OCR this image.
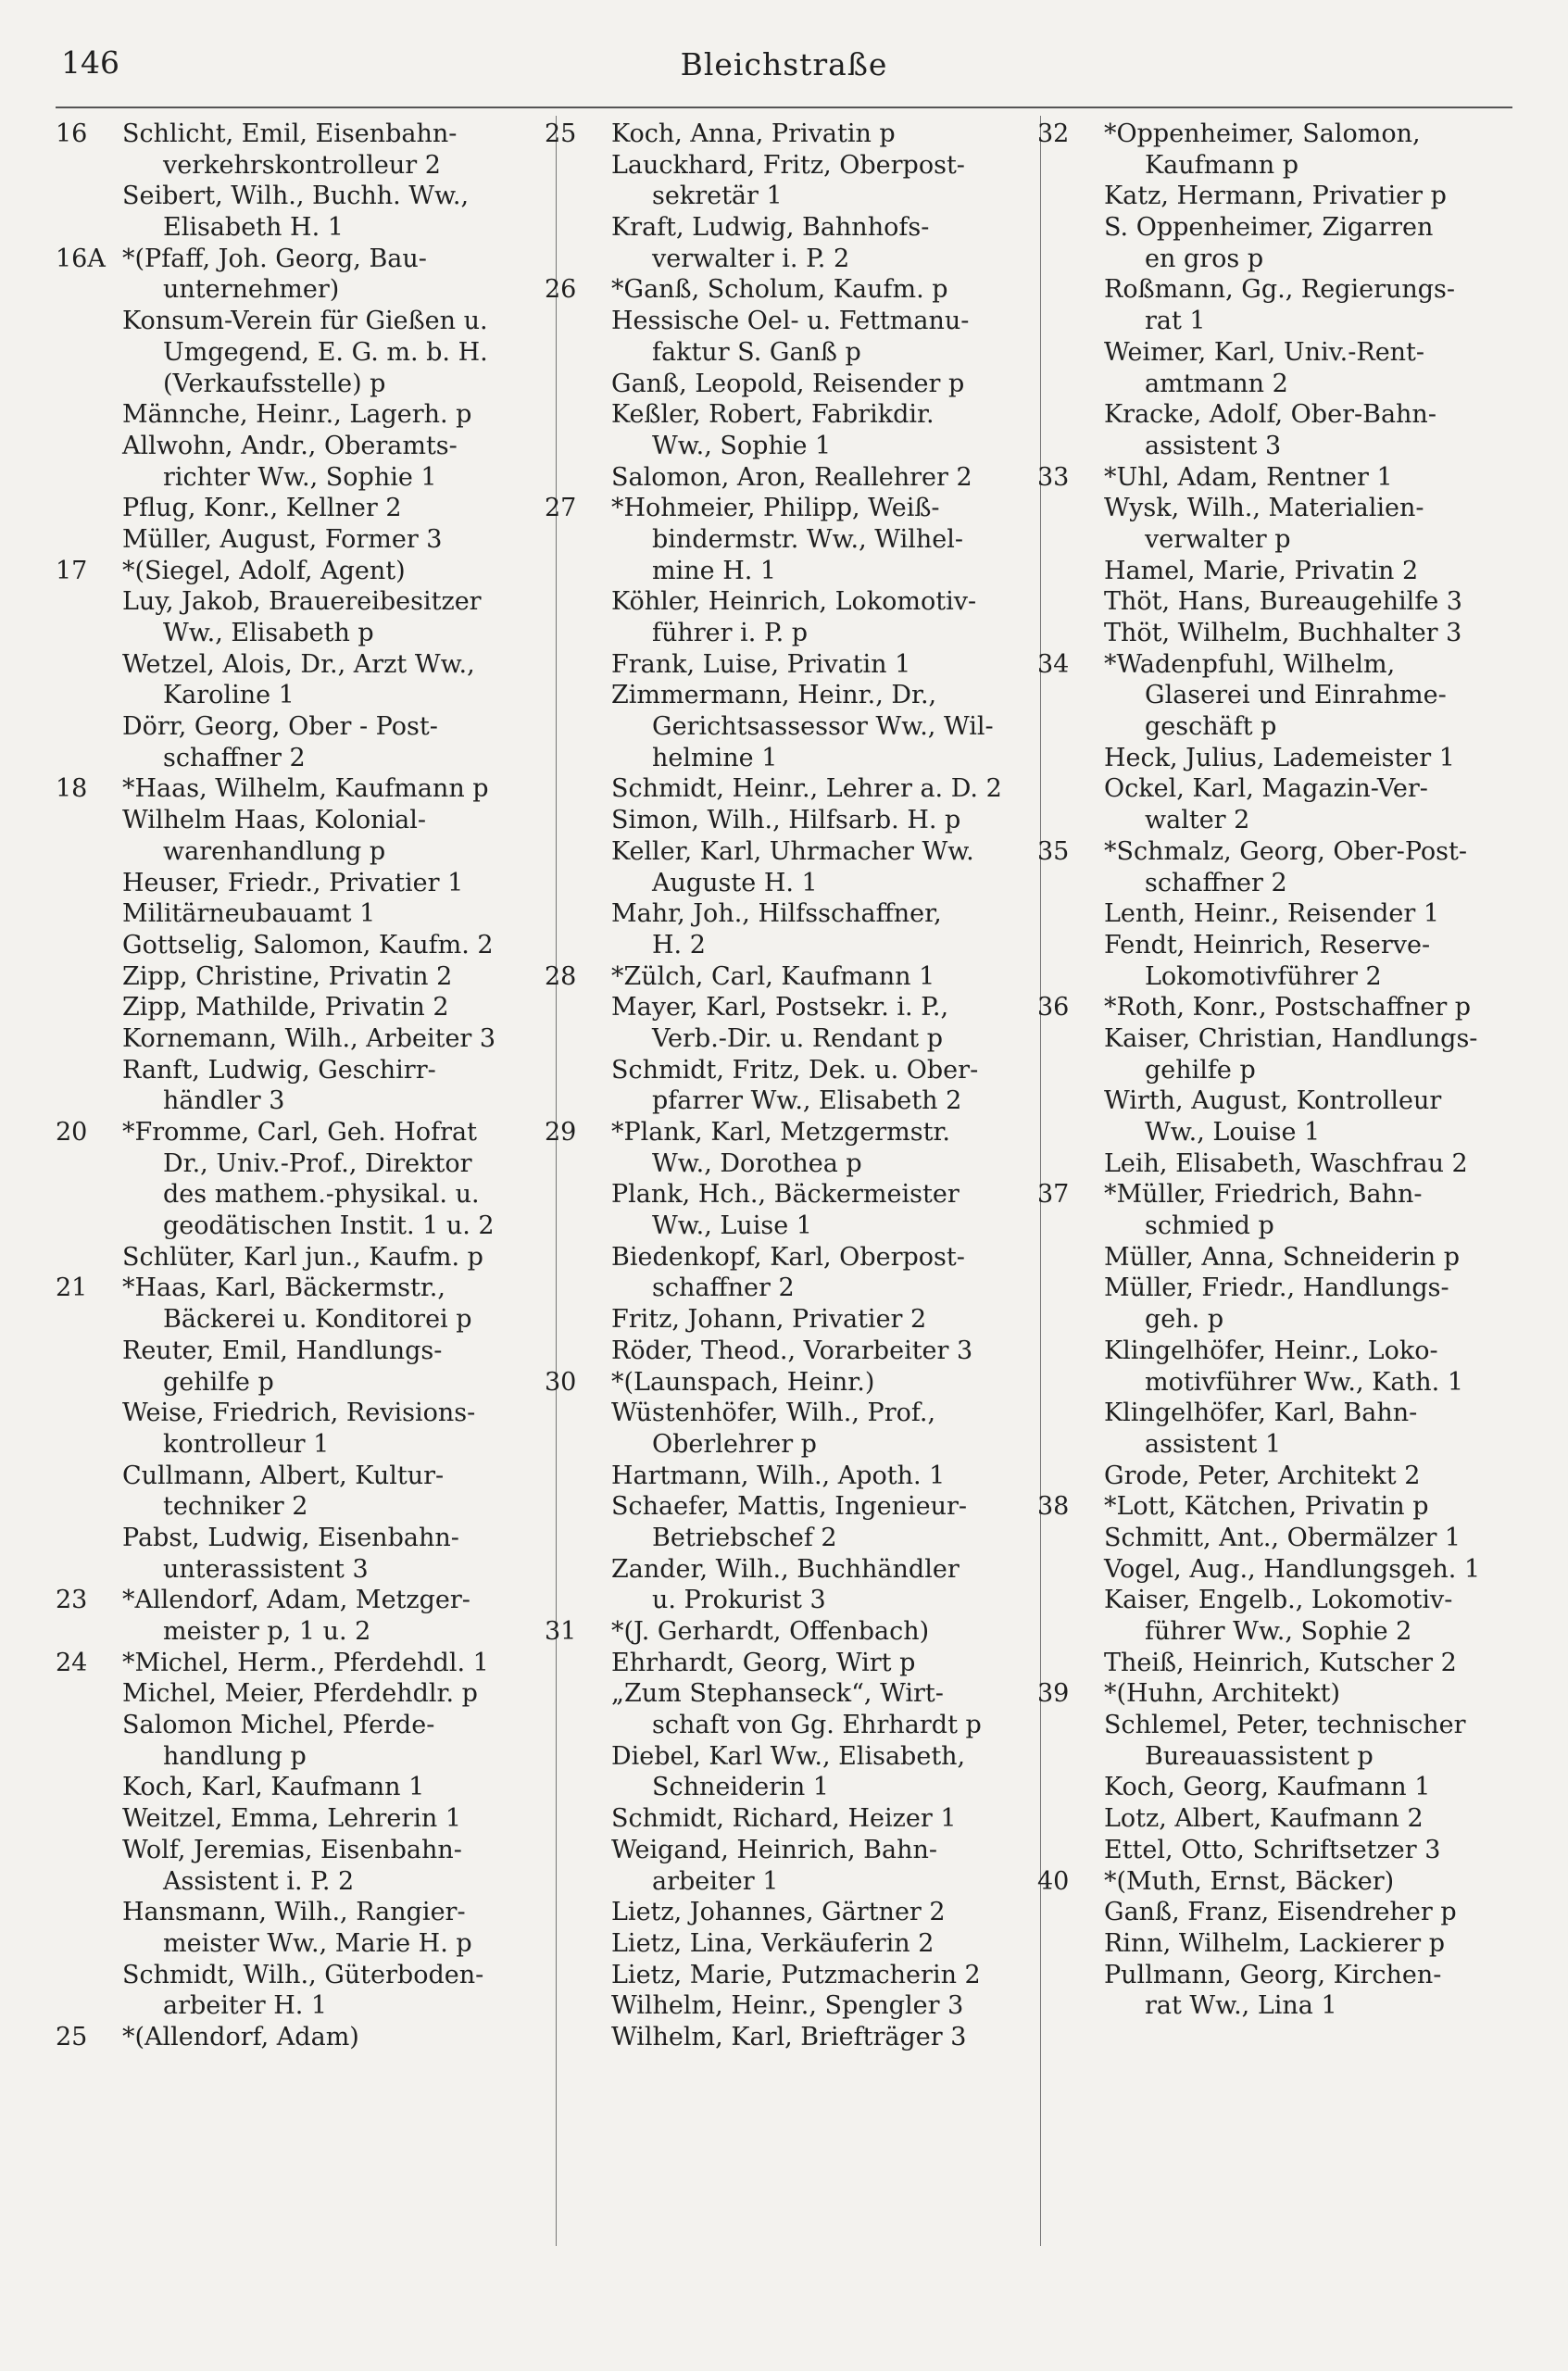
146	Bleichstraße
16	Schlicht, Emil, Eisenbahn-
verkehrskontrolleur 2
Seibert, Wilh., Buchh. Ww.,
Elisabeth H. 1
16A *(Pfaff, Joh. Georg, Bau-
unternehmer)
Konsum-Verein für Gießen u.
Umgegend, E. G. m. b. H.
(Verkaufsstelle) p
Männche, Heinr., Lagerh. p
Allwohn, Andr., Oberamts-
richter Ww., Sophie 1
Pflug, Konr., Kellner 2
Müller, August, Former 3
17	*(Siegel, Adolf, Agent)
Luy, Jakob, Brauereibesitzer
Ww., Elisabeth p
Wetzel, Alois, Dr., Arzt Ww.,
Karoline 1
Dörr, Georg, Ober - Post-
schaffner 2
18	*Haas, Wilhelm, Kaufmann p
Wilhelm Haas, Kolonial-
warenhandlung p
Heuser, Friedr., Privatier 1
Militärneubauamt 1
Gottselig, Salomon, Kaufm. 2
Zipp, Christine, Privatin 2
Zipp, Mathilde, Privatin 2
Kornemann, Wilh., Arbeiter 3
Ranft, Ludwig, Geschirr-
händler 3
20	*Fromme, Carl, Geh. Hofrat
Dr., Univ.-Prof., Direktor
des mathem.-physikal. u.
geodätischen Instit. 1 u. 2
Schlüter, Karl jun., Kaufm. p
21	*Haas, Karl, Bäckermstr.,
Bäckerei u. Konditorei p
Reuter, Emil, Handlungs-
gehilfe p
Weise, Friedrich, Revisions-
kontrolleur 1
Cullmann, Albert, Kultur-
techniker 2
Pabst, Ludwig, Eisenbahn-
unterassistent 3
23	*Allendorf, Adam, Metzger-
meister p, 1 u. 2
24	*Michel, Herm., Pferdehdl. 1
Michel, Meier, Pferdehdlr. p
Salomon Michel, Pferde-
handlung p
Koch, Karl, Kaufmann 1
Weitzel, Emma, Lehrerin 1
Wolf, Jeremias, Eisenbahn-
Assistent i. P. 2
Hansmann, Wilh., Rangier-
meister Ww., Marie H. p
Schmidt, Wilh., Güterboden-
arbeiter H. 1
25	*(Allendorf, Adam)
25	Koch, Anna, Privatin p
Lauckhard, Fritz, Oberpost-
sekretär 1
Kraft, Ludwig, Bahnhofs-
verwalter i. P. 2
26	*Ganß, Scholum, Kaufm. p
Hessische Oel- u. Fettmanu-
faktur S. Ganß p
Ganß, Leopold, Reisender p
Keßler, Robert, Fabrikdir.
Ww., Sophie 1
Salomon, Aron, Reallehrer 2
27	*Hohmeier, Philipp, Weiß-
bindermstr. Ww., Wilhel-
mine H. 1
Köhler, Heinrich, Lokomotiv-
führer i. P. p
Frank, Luise, Privatin 1
Zimmermann, Heinr., Dr.,
Gerichtsassessor Ww., Wil-
helmine 1
Schmidt, Heinr., Lehrer a. D. 2
Simon, Wilh., Hilfsarb. H. p
Keller, Karl, Uhrmacher Ww.
Auguste H. 1
Mahr, Joh., Hilfsschaffner,
H. 2
28	*Zülch, Carl, Kaufmann 1
Mayer, Karl, Postsekr. i. P.,
Verb.-Dir. u. Rendant p
Schmidt, Fritz, Dek. u. Ober-
pfarrer Ww., Elisabeth 2
29	*Plank, Karl, Metzgermstr.
Ww., Dorothea p
Plank, Hch., Bäckermeister
Ww., Luise 1
Biedenkopf, Karl, Oberpost-
schaffner 2
Fritz, Johann, Privatier 2
Röder, Theod., Vorarbeiter 3
30	*(Launspach, Heinr.)
Wüstenhöfer, Wilh., Prof.,
Oberlehrer p
Hartmann, Wilh., Apoth. 1
Schaefer, Mattis, Ingenieur-
Betriebschef 2
Zander, Wilh., Buchhändler
u. Prokurist 3
31	*(J. Gerhardt, Offenbach)
Ehrhardt, Georg, Wirt p
„Zum Stephanseck“, Wirt-
schaft von Gg. Ehrhardt p
Diebel, Karl Ww., Elisabeth,
Schneiderin 1
Schmidt, Richard, Heizer 1
Weigand, Heinrich, Bahn-
arbeiter 1
Lietz, Johannes, Gärtner 2
Lietz, Lina, Verkäuferin 2
Lietz, Marie, Putzmacherin 2
Wilhelm, Heinr., Spengler 3
Wilhelm, Karl, Briefträger 3
32	*Oppenheimer, Salomon,
Kaufmann p
Katz, Hermann, Privatier p
S. Oppenheimer, Zigarren
en gros p
Roßmann, Gg., Regierungs-
rat 1
Weimer, Karl, Univ.-Rent-
amtmann 2
Kracke, Adolf, Ober-Bahn-
assistent 3
33	*Uhl, Adam, Rentner 1
Wysk, Wilh., Materialien-
verwalter p
Hamel, Marie, Privatin 2
Thöt, Hans, Bureaugehilfe 3
Thöt, Wilhelm, Buchhalter 3
34	*Wadenpfuhl, Wilhelm,
Glaserei und Einrahme-
geschäft p
Heck, Julius, Lademeister 1
Ockel, Karl, Magazin-Ver-
walter 2
35	*Schmalz, Georg, Ober-Post-
schaffner 2
Lenth, Heinr., Reisender 1
Fendt, Heinrich, Reserve-
Lokomotivführer 2
36	*Roth, Konr., Postschaffner p
Kaiser, Christian, Handlungs-
gehilfe p
Wirth, August, Kontrolleur
Ww., Louise 1
Leih, Elisabeth, Waschfrau 2
37	*Müller, Friedrich, Bahn-
schmied p
Müller, Anna, Schneiderin p
Müller, Friedr., Handlungs-
geh. p
Klingelhöfer, Heinr., Loko-
motivführer Ww., Kath. 1
Klingelhöfer, Karl, Bahn-
assistent 1
Grode, Peter, Architekt 2
38	*Lott, Kätchen, Privatin p
Schmitt, Ant., Obermälzer 1
Vogel, Aug., Handlungsgeh. 1
Kaiser, Engelb., Lokomotiv-
führer Ww., Sophie 2
Theiß, Heinrich, Kutscher 2
39	*(Huhn, Architekt)
Schlemel, Peter, technischer
Bureauassistent p
Koch, Georg, Kaufmann 1
Lotz, Albert, Kaufmann 2
Ettel, Otto, Schriftsetzer 3
40	*(Muth, Ernst, Bäcker)
Ganß, Franz, Eisendreher p
Rinn, Wilhelm, Lackierer p
Pullmann, Georg, Kirchen-
rat Ww., Lina 1
